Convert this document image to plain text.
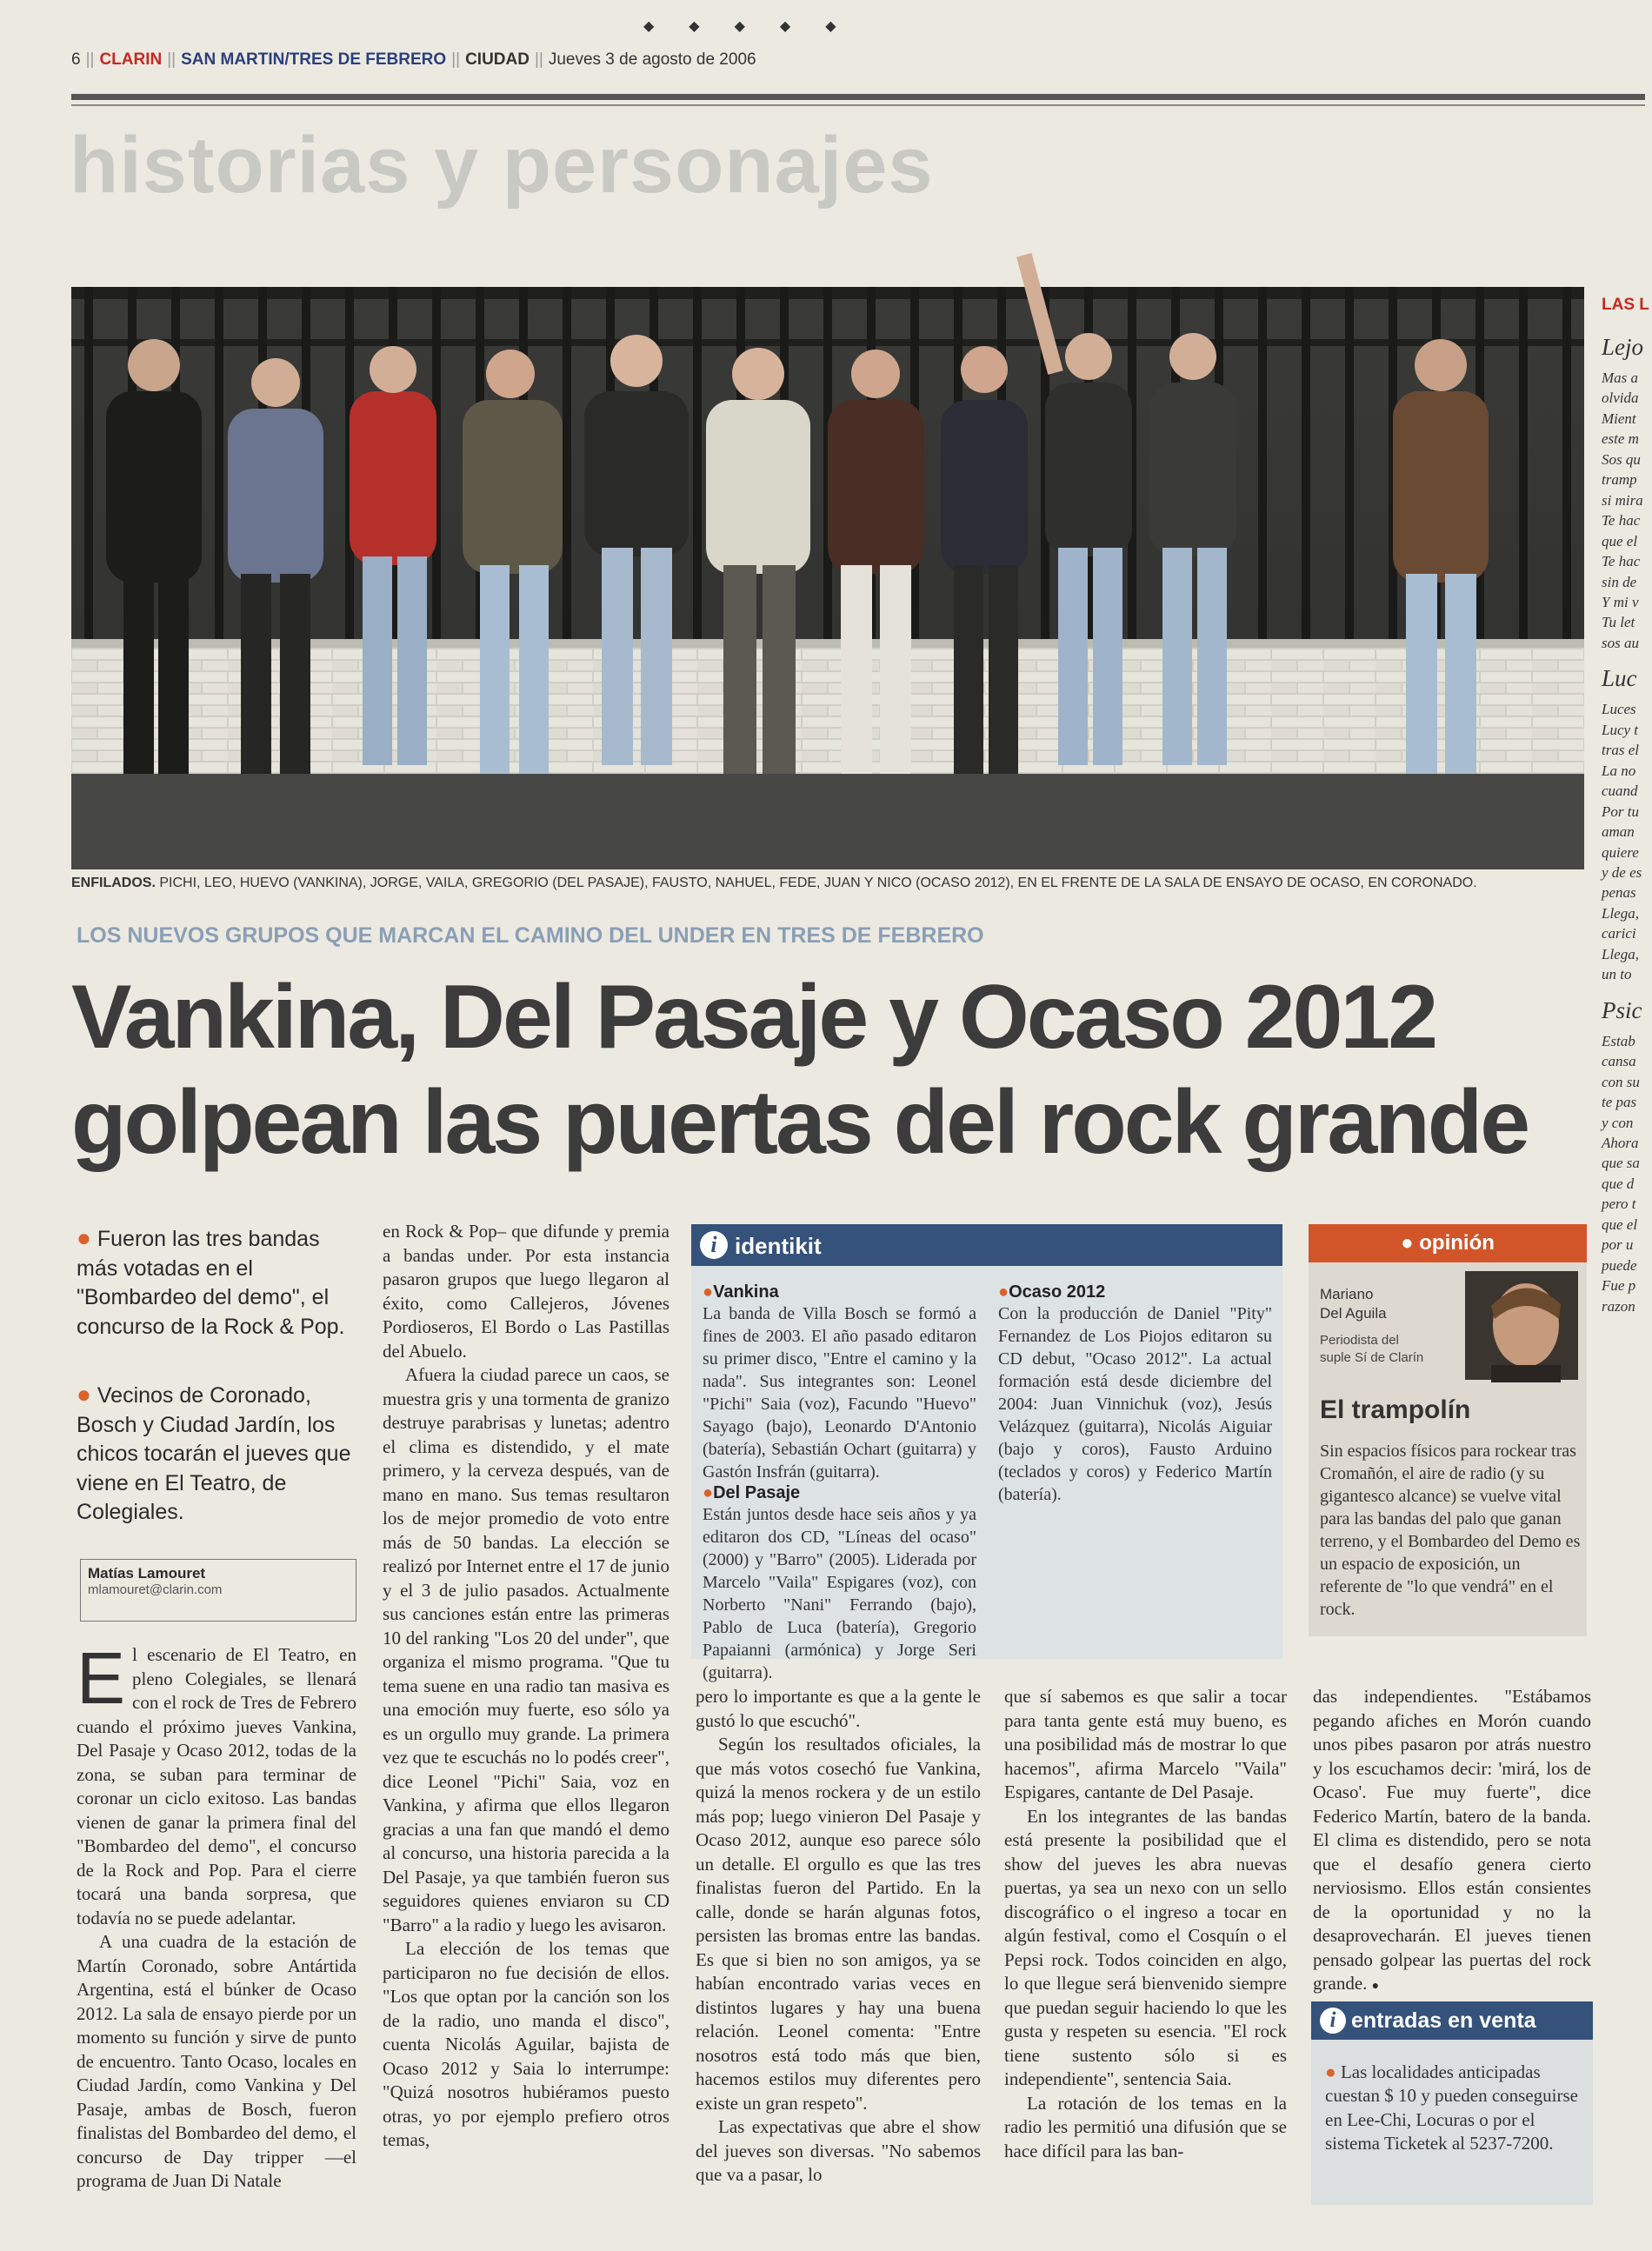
◆◆◆◆◆
6 || CLARIN || SAN MARTIN/TRES DE FEBRERO || CIUDAD || Jueves 3 de agosto de 2006
historias y personajes
ENFILADOS. PICHI, LEO, HUEVO (VANKINA), JORGE, VAILA, GREGORIO (DEL PASAJE), FAUSTO, NAHUEL, FEDE, JUAN Y NICO (OCASO 2012), EN EL FRENTE DE LA SALA DE ENSAYO DE OCASO, EN CORONADO.
LOS NUEVOS GRUPOS QUE MARCAN EL CAMINO DEL UNDER EN TRES DE FEBRERO
Vankina, Del Pasaje y Ocaso 2012
golpean las puertas del rock grande
● Fueron las tres bandas más votadas en el "Bombardeo del demo", el concurso de la Rock & Pop.
● Vecinos de Coronado, Bosch y Ciudad Jardín, los chicos tocarán el jueves que viene en El Teatro, de Colegiales.
Matías Lamouret
mlamouret@clarin.com
E l escenario de El Teatro, en pleno Colegiales, se llenará con el rock de Tres de Febrero cuando el próximo jueves Vankina, Del Pasaje y Ocaso 2012, todas de la zona, se suban para terminar de coronar un ciclo exitoso. Las bandas vienen de ganar la primera final del "Bombardeo del demo", el concurso de la Rock and Pop. Para el cierre tocará una banda sorpresa, que todavía no se puede adelantar.

A una cuadra de la estación de Martín Coronado, sobre Antártida Argentina, está el búnker de Ocaso 2012. La sala de ensayo pierde por un momento su función y sirve de punto de encuentro. Tanto Ocaso, locales en Ciudad Jardín, como Vankina y Del Pasaje, ambas de Bosch, fueron finalistas del Bombardeo del demo, el concurso de Day tripper —el programa de Juan Di Natale

en Rock & Pop– que difunde y premia a bandas under. Por esta instancia pasaron grupos que luego llegaron al éxito, como Callejeros, Jóvenes Pordioseros, El Bordo o Las Pastillas del Abuelo.

Afuera la ciudad parece un caos, se muestra gris y una tormenta de granizo destruye parabrisas y lunetas; adentro el clima es distendido, y el mate primero, y la cerveza después, van de mano en mano. Sus temas resultaron los de mejor promedio de voto entre más de 50 bandas. La elección se realizó por Internet entre el 17 de junio y el 3 de julio pasados. Actualmente sus canciones están entre las primeras 10 del ranking "Los 20 del under", que organiza el mismo programa. "Que tu tema suene en una radio tan masiva es una emoción muy fuerte, eso sólo ya es un orgullo muy grande. La primera vez que te escuchás no lo podés creer", dice Leonel "Pichi" Saia, voz en Vankina, y afirma que ellos llegaron gracias a una fan que mandó el demo al concurso, una historia parecida a la Del Pasaje, ya que también fueron sus seguidores quienes enviaron su CD "Barro" a la radio y luego les avisaron.

La elección de los temas que participaron no fue decisión de ellos. "Los que optan por la canción son los de la radio, uno manda el disco", cuenta Nicolás Aguilar, bajista de Ocaso 2012 y Saia lo interrumpe: "Quizá nosotros hubiéramos puesto otras, yo por ejemplo prefiero otros temas,

i identikit
●Vankina
La banda de Villa Bosch se formó a fines de 2003. El año pasado editaron su primer disco, "Entre el camino y la nada". Sus integrantes son: Leonel "Pichi" Saia (voz), Facundo "Huevo" Sayago (bajo), Leonardo D'Antonio (batería), Sebastián Ochart (guitarra) y Gastón Insfrán (guitarra).
●Del Pasaje
Están juntos desde hace seis años y ya editaron dos CD, "Líneas del ocaso" (2000) y "Barro" (2005). Liderada por Marcelo "Vaila" Espigares (voz), con Norberto "Nani" Ferrando (bajo), Pablo de Luca (batería), Gregorio Papaianni (armónica) y Jorge Seri (guitarra).
●Ocaso 2012
Con la producción de Daniel "Pity" Fernandez de Los Piojos editaron su CD debut, "Ocaso 2012". La actual formación está desde diciembre del 2004: Juan Vinnichuk (voz), Jesús Velázquez (guitarra), Nicolás Aiguiar (bajo y coros), Fausto Arduino (teclados y coros) y Federico Martín (batería).

pero lo importante es que a la gente le gustó lo que escuchó".

Según los resultados oficiales, la que más votos cosechó fue Vankina, quizá la menos rockera y de un estilo más pop; luego vinieron Del Pasaje y Ocaso 2012, aunque eso parece sólo un detalle. El orgullo es que las tres finalistas fueron del Partido. En la calle, donde se harán algunas fotos, persisten las bromas entre las bandas. Es que si bien no son amigos, ya se habían encontrado varias veces en distintos lugares y hay una buena relación. Leonel comenta: "Entre nosotros está todo más que bien, hacemos estilos muy diferentes pero existe un gran respeto".

Las expectativas que abre el show del jueves son diversas. "No sabemos que va a pasar, lo

que sí sabemos es que salir a tocar para tanta gente está muy bueno, es una posibilidad más de mostrar lo que hacemos", afirma Marcelo "Vaila" Espigares, cantante de Del Pasaje.

En los integrantes de las bandas está presente la posibilidad que el show del jueves les abra nuevas puertas, ya sea un nexo con un sello discográfico o el ingreso a tocar en algún festival, como el Cosquín o el Pepsi rock. Todos coinciden en algo, lo que llegue será bienvenido siempre que puedan seguir haciendo lo que les gusta y respeten su esencia. "El rock tiene sustento sólo si es independiente", sentencia Saia.

La rotación de los temas en la radio les permitió una difusión que se hace difícil para las ban-

● opinión
Mariano
Del Aguila
Periodista del
suple Sí de Clarín
El trampolín
Sin espacios físicos para rockear tras Cromañón, el aire de radio (y su gigantesco alcance) se vuelve vital para las bandas del palo que ganan terreno, y el Bombardeo del Demo es un espacio de exposición, un referente de "lo que vendrá" en el rock.

das independientes. "Estábamos pegando afiches en Morón cuando unos pibes pasaron por atrás nuestro y los escuchamos decir: 'mirá, los de Ocaso'. Fue muy fuerte", dice Federico Martín, batero de la banda. El clima es distendido, pero se nota que el desafío genera cierto nerviosismo. Ellos están consientes de la oportunidad y no la desaprovecharán. El jueves tienen pensado golpear las puertas del rock grande. ●

i entradas en venta
● Las localidades anticipadas cuestan $ 10 y pueden conseguirse en Lee-Chi, Locuras o por el sistema Ticketek al 5237-7200.
LAS L
Lejo
Mas a
olvida
Mient
este m
Sos qu
tramp
si mira
Te hac
que el
Te hac
sin de
Y mi v
Tu let
sos au
Luc
Luces
Lucy t
tras el
La no
cuand
Por tu
aman
quiere
y de es
penas
Llega,
carici
Llega,
un to
Psic
Estab
cansa
con su
te pas
y con
Ahora
que sa
que d
pero t
que el
por u
puede
Fue p
razon
